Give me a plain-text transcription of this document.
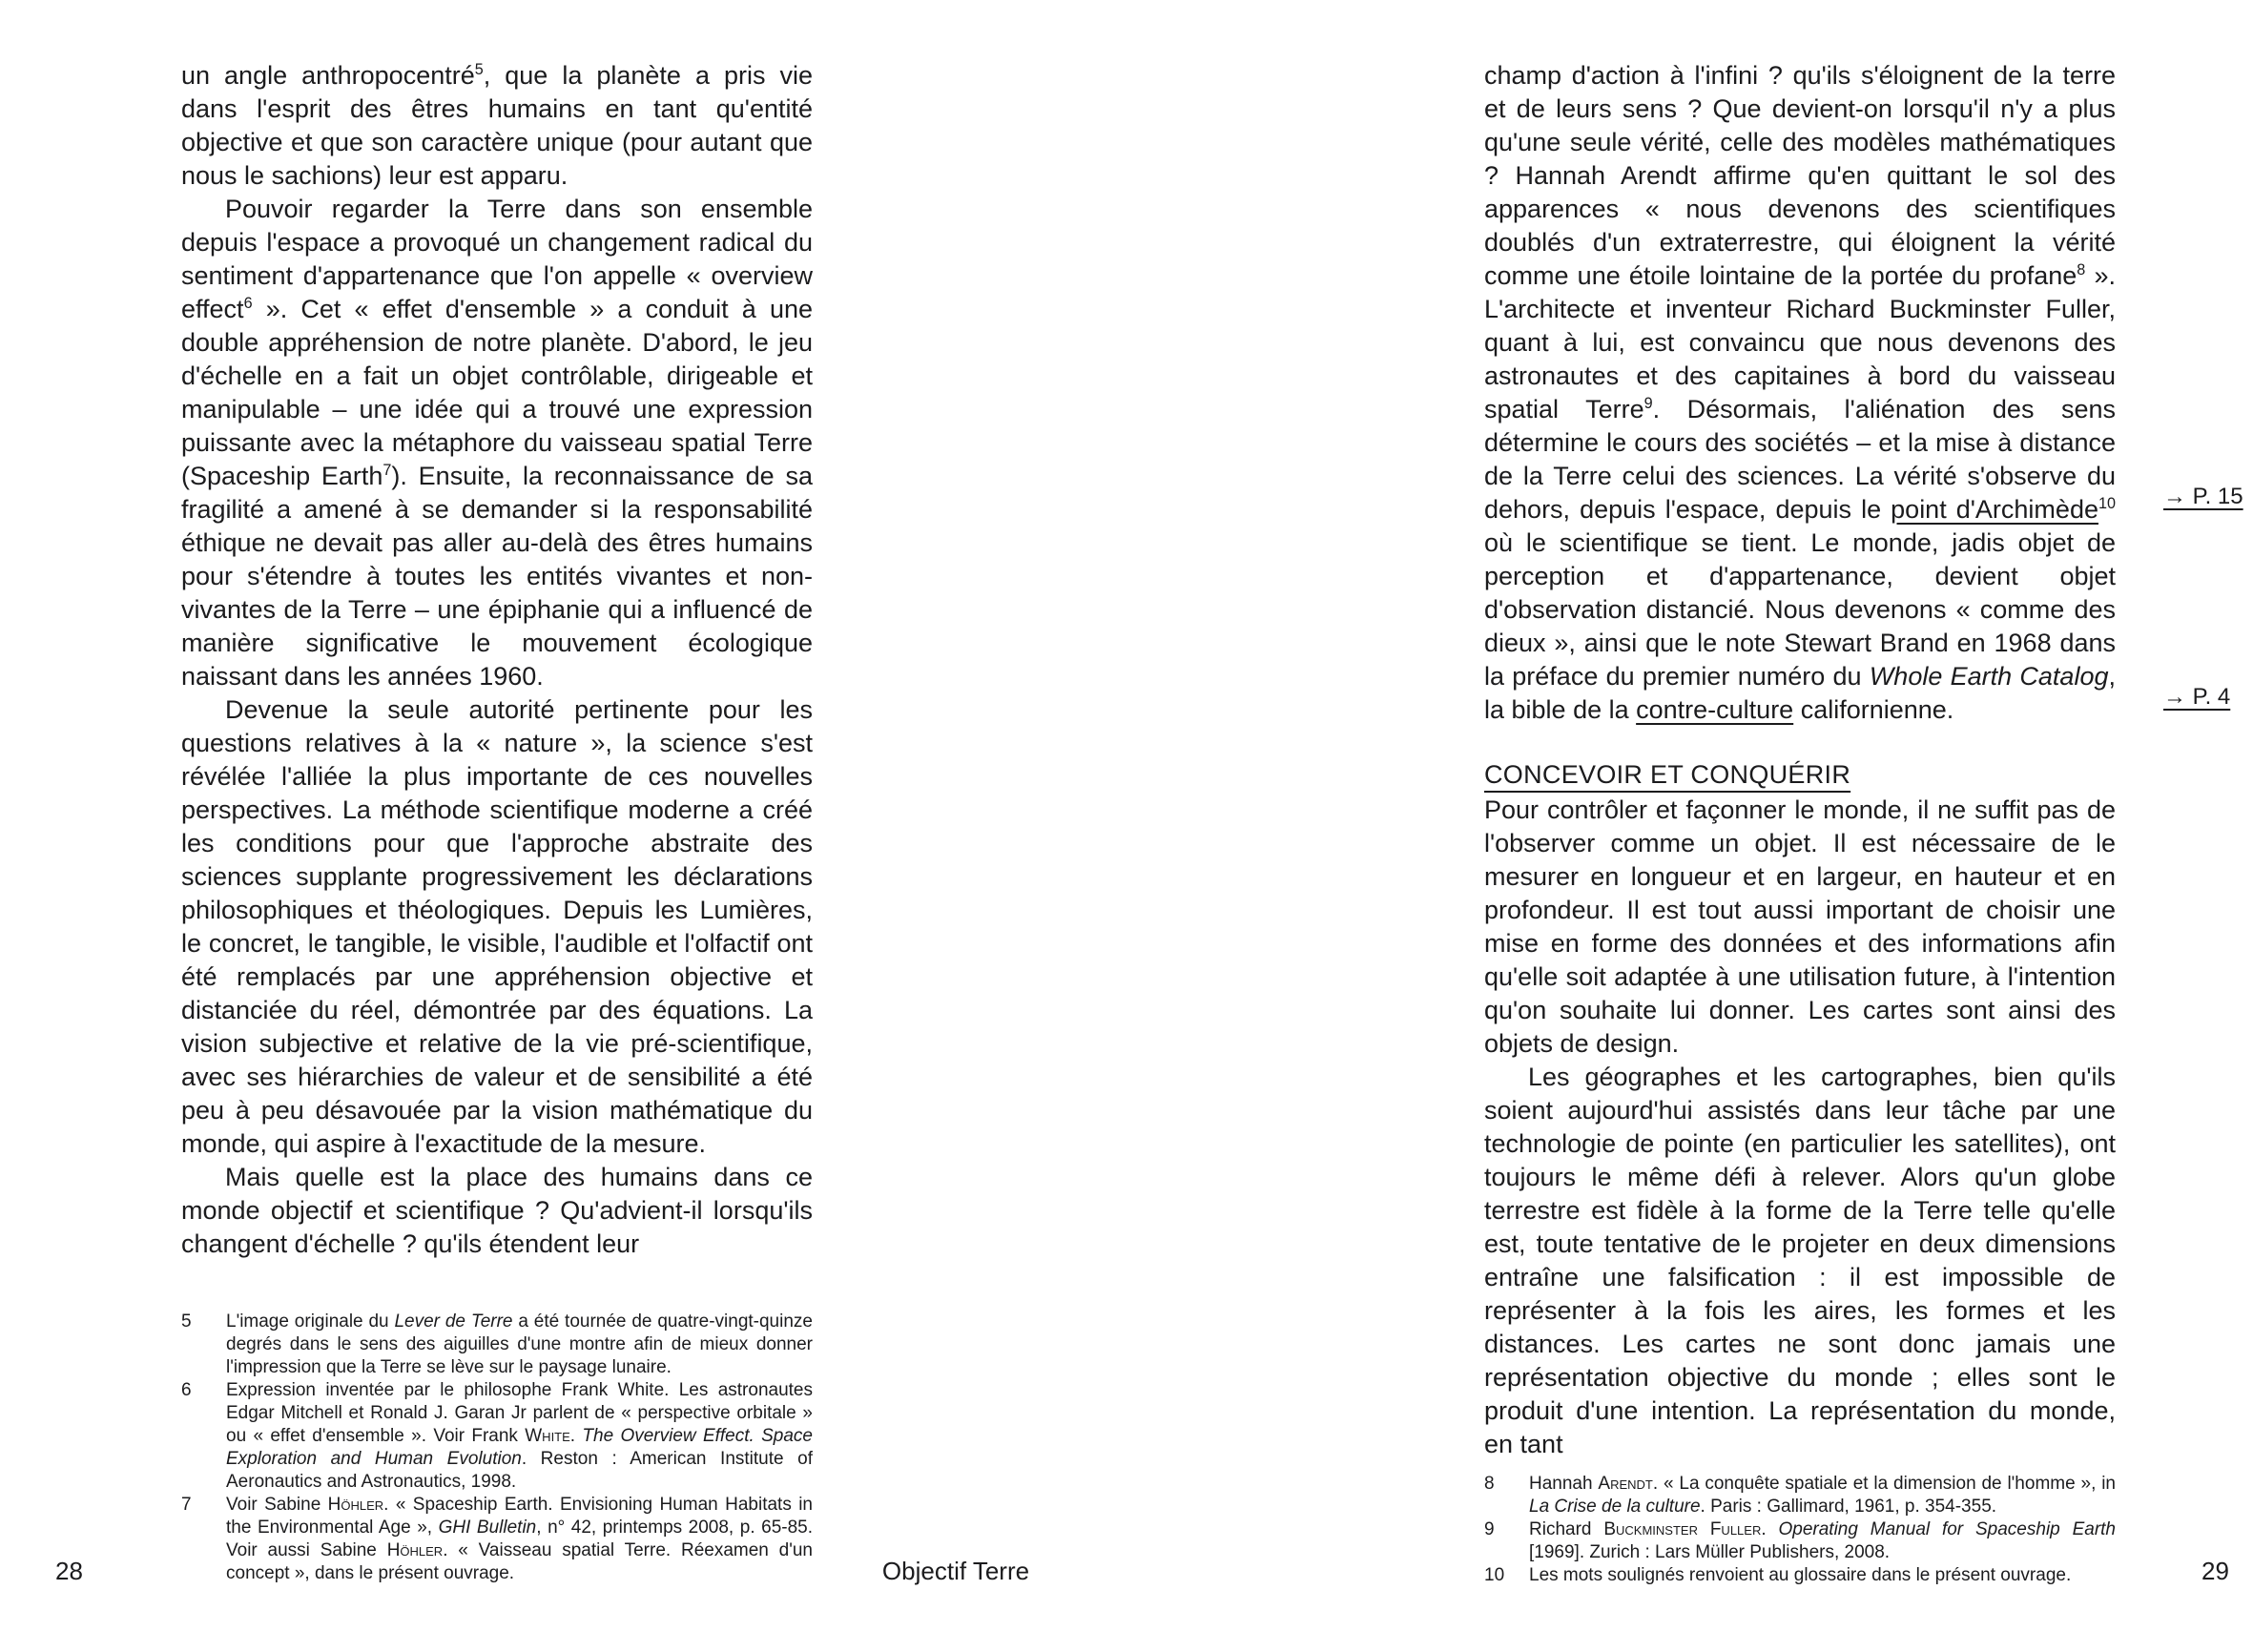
un angle anthropocentré$^5$, que la planète a pris vie dans l'esprit des êtres humains en tant qu'entité objective et que son caractère unique (pour autant que nous le sachions) leur est apparu.

Pouvoir regarder la Terre dans son ensemble depuis l'espace a provoqué un changement radical du sentiment d'appartenance que l'on appelle « overview effect$^6$ ». Cet « effet d'ensemble » a conduit à une double appréhension de notre planète. D'abord, le jeu d'échelle en a fait un objet contrôlable, dirigeable et manipulable – une idée qui a trouvé une expression puissante avec la métaphore du vaisseau spatial Terre (Spaceship Earth$^7$). Ensuite, la reconnaissance de sa fragilité a amené à se demander si la responsabilité éthique ne devait pas aller au-delà des êtres humains pour s'étendre à toutes les entités vivantes et non-vivantes de la Terre – une épiphanie qui a influencé de manière significative le mouvement écologique naissant dans les années 1960.

Devenue la seule autorité pertinente pour les questions relatives à la « nature », la science s'est révélée l'alliée la plus importante de ces nouvelles perspectives. La méthode scientifique moderne a créé les conditions pour que l'approche abstraite des sciences supplante progressivement les déclarations philosophiques et théologiques. Depuis les Lumières, le concret, le tangible, le visible, l'audible et l'olfactif ont été remplacés par une appréhension objective et distanciée du réel, démontrée par des équations. La vision subjective et relative de la vie pré-scientifique, avec ses hiérarchies de valeur et de sensibilité a été peu à peu désavouée par la vision mathématique du monde, qui aspire à l'exactitude de la mesure.

Mais quelle est la place des humains dans ce monde objectif et scientifique ? Qu'advient-il lorsqu'ils changent d'échelle ? qu'ils étendent leur

5	L'image originale du Lever de Terre a été tournée de quatre-vingt-quinze degrés dans le sens des aiguilles d'une montre afin de mieux donner l'impression que la Terre se lève sur le paysage lunaire.
6	Expression inventée par le philosophe Frank White. Les astronautes Edgar Mitchell et Ronald J. Garan Jr parlent de « perspective orbitale » ou « effet d'ensemble ». Voir Frank White. The Overview Effect. Space Exploration and Human Evolution. Reston : American Institute of Aeronautics and Astronautics, 1998.
7	Voir Sabine Höhler. « Spaceship Earth. Envisioning Human Habitats in the Environmental Age », GHI Bulletin, n° 42, printemps 2008, p. 65-85. Voir aussi Sabine Höhler. « Vaisseau spatial Terre. Réexamen d'un concept », dans le présent ouvrage.

champ d'action à l'infini ? qu'ils s'éloignent de la terre et de leurs sens ? Que devient-on lorsqu'il n'y a plus qu'une seule vérité, celle des modèles mathématiques ? Hannah Arendt affirme qu'en quittant le sol des apparences « nous devenons des scientifiques doublés d'un extraterrestre, qui éloignent la vérité comme une étoile lointaine de la portée du profane$^8$ ». L'architecte et inventeur Richard Buckminster Fuller, quant à lui, est convaincu que nous devenons des astronautes et des capitaines à bord du vaisseau spatial Terre$^9$. Désormais, l'aliénation des sens détermine le cours des sociétés – et la mise à distance de la Terre celui des sciences. La vérité s'observe du dehors, depuis l'espace, depuis le point d'Archimède$^{10}$ où le scientifique se tient. Le monde, jadis objet de perception et d'appartenance, devient objet d'observation distancié. Nous devenons « comme des dieux », ainsi que le note Stewart Brand en 1968 dans la préface du premier numéro du Whole Earth Catalog, la bible de la contre-culture californienne.

CONCEVOIR ET CONQUÉRIR

Pour contrôler et façonner le monde, il ne suffit pas de l'observer comme un objet. Il est nécessaire de le mesurer en longueur et en largeur, en hauteur et en profondeur. Il est tout aussi important de choisir une mise en forme des données et des informations afin qu'elle soit adaptée à une utilisation future, à l'intention qu'on souhaite lui donner. Les cartes sont ainsi des objets de design.

Les géographes et les cartographes, bien qu'ils soient aujourd'hui assistés dans leur tâche par une technologie de pointe (en particulier les satellites), ont toujours le même défi à relever. Alors qu'un globe terrestre est fidèle à la forme de la Terre telle qu'elle est, toute tentative de le projeter en deux dimensions entraîne une falsification : il est impossible de représenter à la fois les aires, les formes et les distances. Les cartes ne sont donc jamais une représentation objective du monde ; elles sont le produit d'une intention. La représentation du monde, en tant

→ P. 15
→ P. 4
8	Hannah Arendt. « La conquête spatiale et la dimension de l'homme », in La Crise de la culture. Paris : Gallimard, 1961, p. 354-355.
9	Richard Buckminster Fuller. Operating Manual for Spaceship Earth [1969]. Zurich : Lars Müller Publishers, 2008.
10	Les mots soulignés renvoient au glossaire dans le présent ouvrage.
28	Objectif Terre	29
